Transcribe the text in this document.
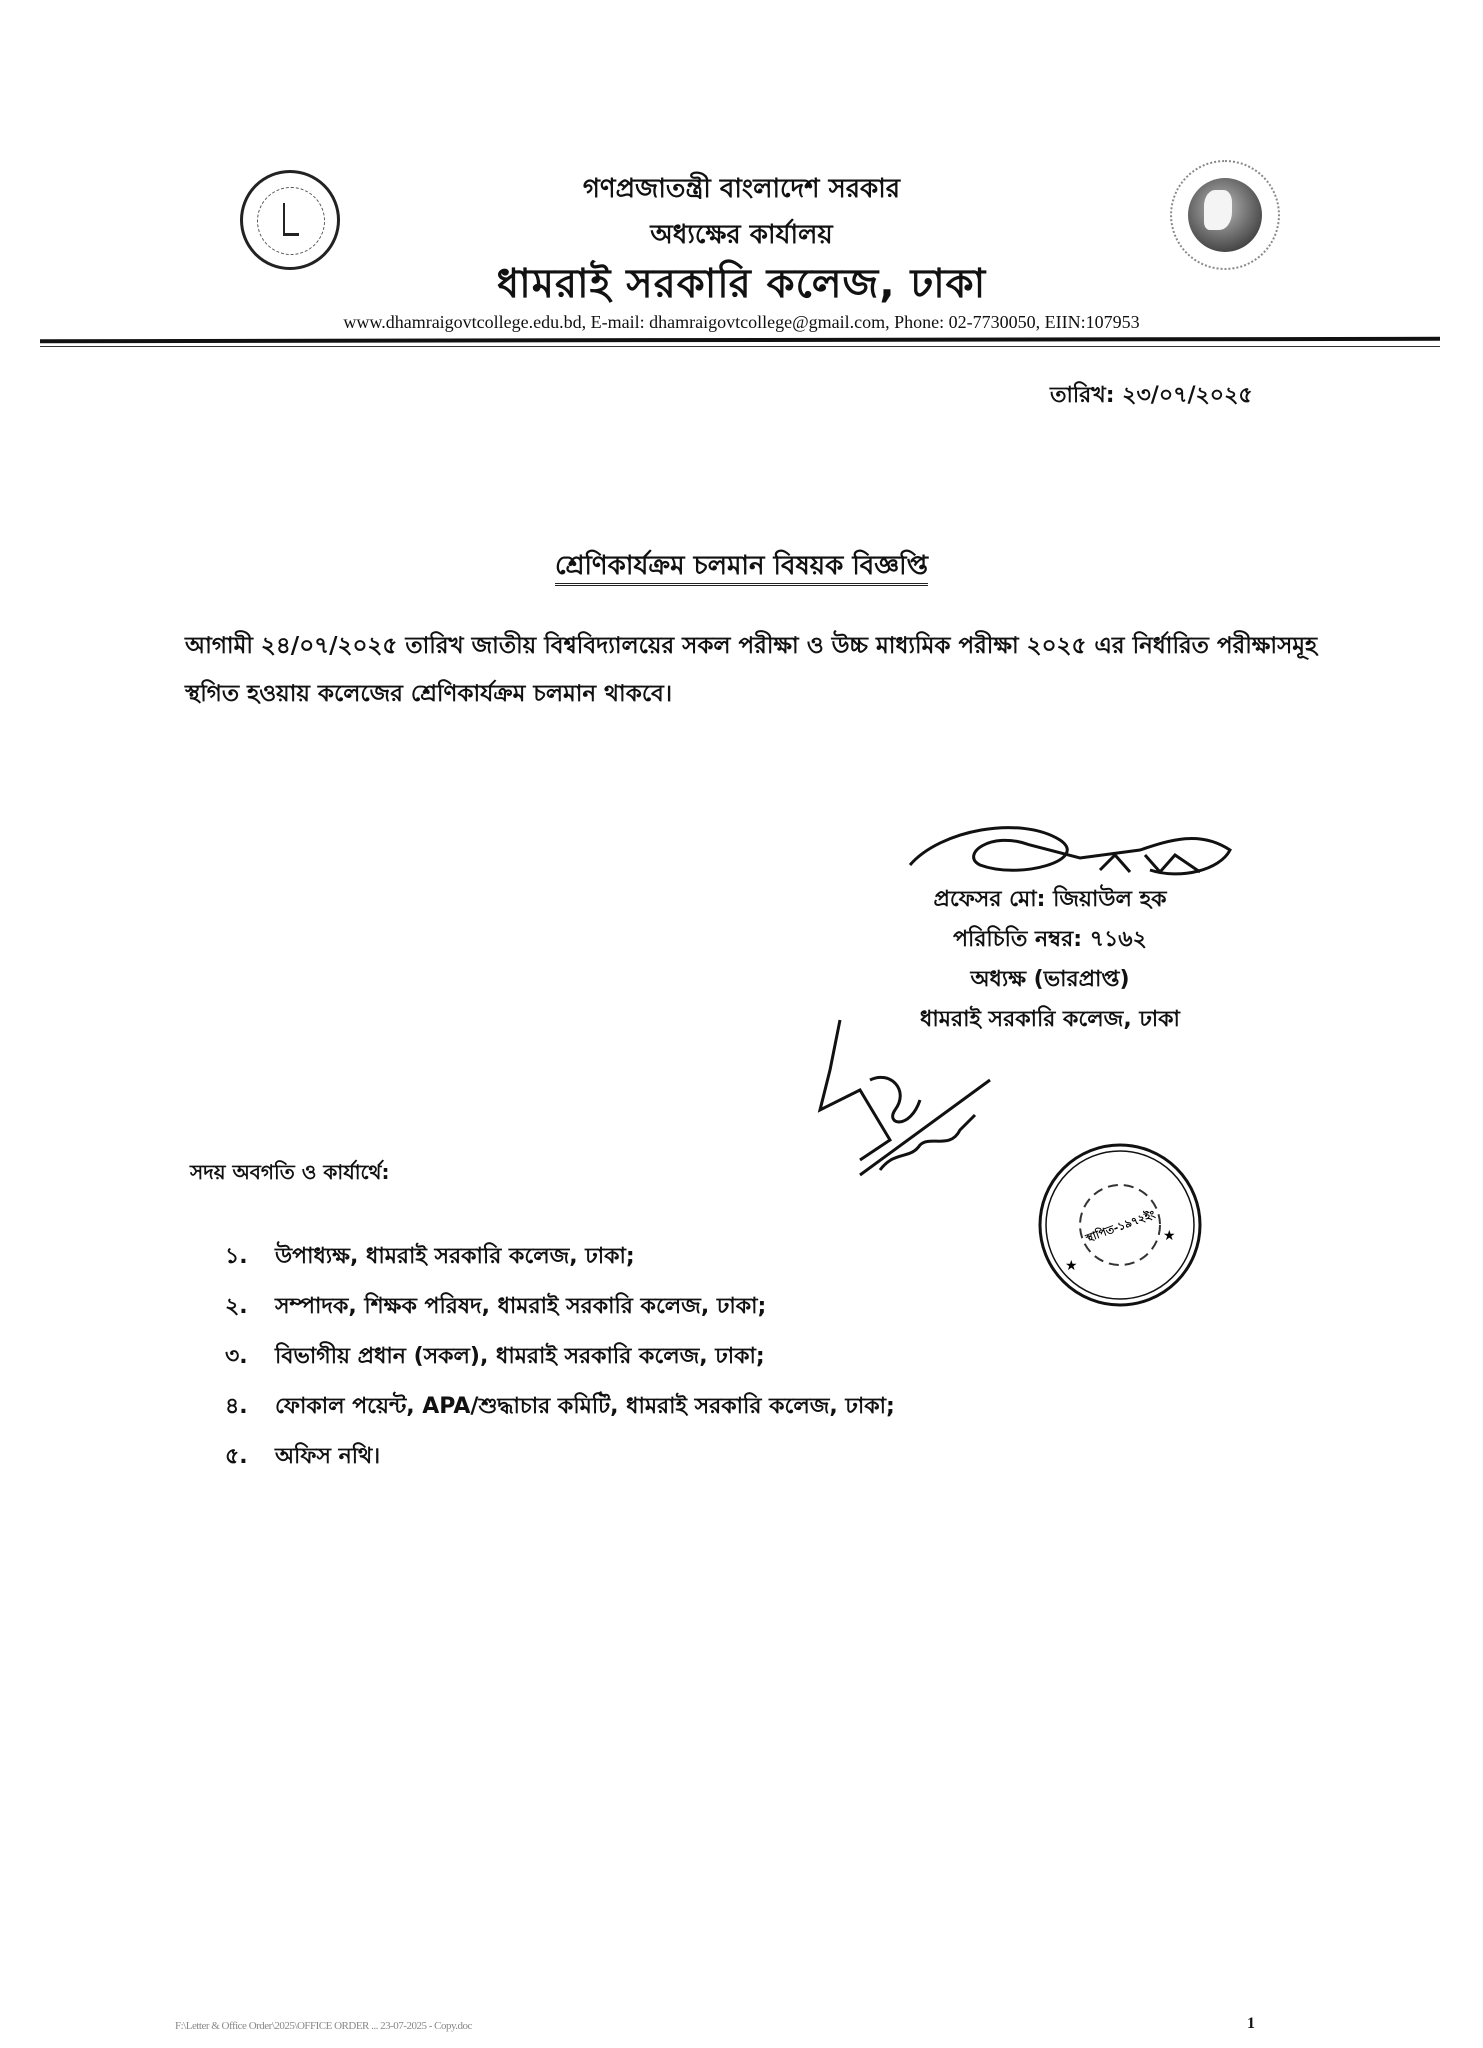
গণপ্রজাতন্ত্রী বাংলাদেশ সরকার
অধ্যক্ষের কার্যালয়
ধামরাই সরকারি কলেজ, ঢাকা
www.dhamraigovtcollege.edu.bd, E-mail: dhamraigovtcollege@gmail.com, Phone: 02-7730050, EIIN:107953
তারিখ: ২৩/০৭/২০২৫
শ্রেণিকার্যক্রম চলমান বিষয়ক বিজ্ঞপ্তি
আগামী ২৪/০৭/২০২৫ তারিখ জাতীয় বিশ্ববিদ্যালয়ের সকল পরীক্ষা ও উচ্চ মাধ্যমিক পরীক্ষা ২০২৫ এর নির্ধারিত পরীক্ষাসমূহ স্থগিত হওয়ায় কলেজের শ্রেণিকার্যক্রম চলমান থাকবে।
প্রফেসর মো: জিয়াউল হক
পরিচিতি নম্বর: ৭১৬২
অধ্যক্ষ (ভারপ্রাপ্ত)
ধামরাই সরকারি কলেজ, ঢাকা
সদয় অবগতি ও কার্যার্থে:
১.	উপাধ্যক্ষ, ধামরাই সরকারি কলেজ, ঢাকা;
২.	সম্পাদক, শিক্ষক পরিষদ, ধামরাই সরকারি কলেজ, ঢাকা;
৩.	বিভাগীয় প্রধান (সকল), ধামরাই সরকারি কলেজ, ঢাকা;
৪.	ফোকাল পয়েন্ট, APA/শুদ্ধাচার কমিটি, ধামরাই সরকারি কলেজ, ঢাকা;
৫.	অফিস নথি।
স্থাপিত-১৯৭২ইং
★
★
F:\Letter & Office Order\2025\OFFICE ORDER ... 23-07-2025 - Copy.doc	1
